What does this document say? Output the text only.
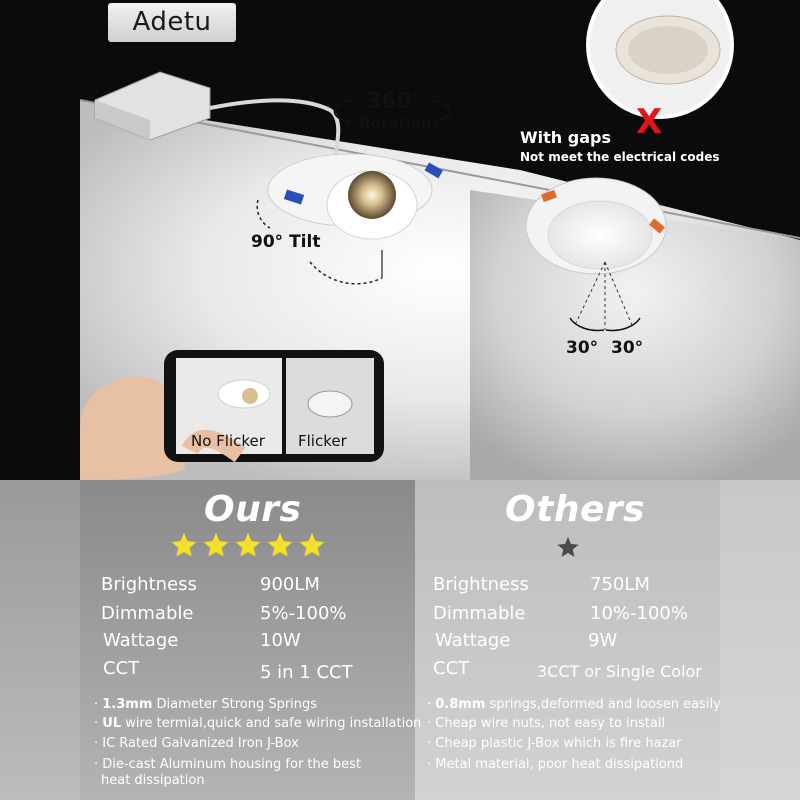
Adetu
360°
Rotation
90° Tilt
With gaps
Not meet the electrical codes
X
30° 30°
No Flicker Flicker
Ours	Others
Brightness	900LM
Dimmable	5%-100%
Wattage	10W
CCT	5 in 1 CCT
Brightness	750LM
Dimmable	10%-100%
Wattage	9W
CCT	3CCT or Single Color
· 1.3mm Diameter Strong Springs
· UL wire termial,quick and safe wiring installation
· IC Rated Galvanized Iron J-Box
· Die-cast Aluminum housing for the best
heat dissipation
· 0.8mm springs,deformed and loosen easily
· Cheap wire nuts, not easy to install
· Cheap plastic J-Box which is fire hazar
· Metal material, poor heat dissipationd
